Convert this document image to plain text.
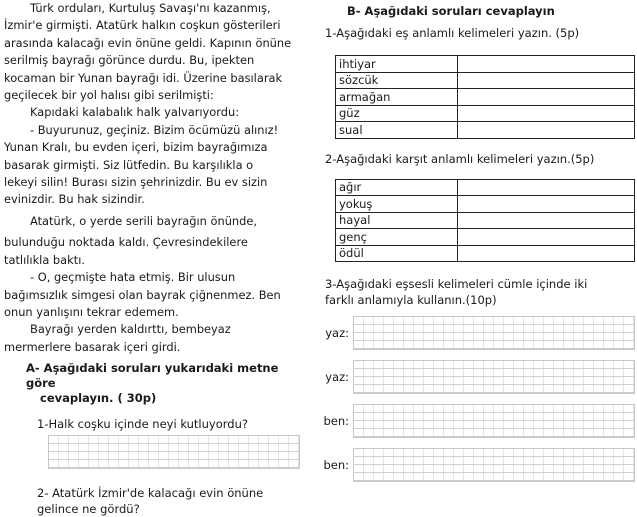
Türk orduları, Kurtuluş Savaşı'nı kazanmış,

İzmir'e girmişti. Atatürk halkın coşkun gösterileri

arasında kalacağı evin önüne geldi. Kapının önüne

serilmiş bayrağı görünce durdu. Bu, ipekten

kocaman bir Yunan bayrağı idi. Üzerine basılarak

geçilecek bir yol halısı gibi serilmişti:

Kapıdaki kalabalık halk yalvarıyordu:

- Buyurunuz, geçiniz. Bizim öcümüzü alınız!

Yunan Kralı, bu evden içeri, bizim bayrağımıza

basarak girmişti. Siz lütfedin. Bu karşılıkla o

lekeyi silin! Burası sizin şehrinizdir. Bu ev sizin

evinizdir. Bu hak sizindir.

Atatürk, o yerde serili bayrağın önünde,

bulunduğu noktada kaldı. Çevresindekilere

tatlılıkla baktı.

- O, geçmişte hata etmiş. Bir ulusun

bağımsızlık simgesi olan bayrak çiğnenmez. Ben

onun yanlışını tekrar edemem.

Bayrağı yerden kaldırttı, bembeyaz

mermerlere basarak içeri girdi.

A- Aşağıdaki soruları yukarıdaki metne göre
cevaplayın. ( 30p)
1-Halk coşku içinde neyi kutluyordu?
2- Atatürk İzmir'de kalacağı evin önüne
gelince ne gördü?
B- Aşağıdaki soruları cevaplayın
1-Aşağıdaki eş anlamlı kelimeleri yazın. (5p)
ihtiyar	
sözcük	
armağan	
güz	
sual	
2-Aşağıdaki karşıt anlamlı kelimeleri yazın.(5p)
ağır	
yokuş	
hayal	
genç	
ödül	
3-Aşağıdaki eşsesli kelimeleri cümle içinde iki
farklı anlamıyla kullanın.(10p)
yaz:
yaz:
ben:
ben:
